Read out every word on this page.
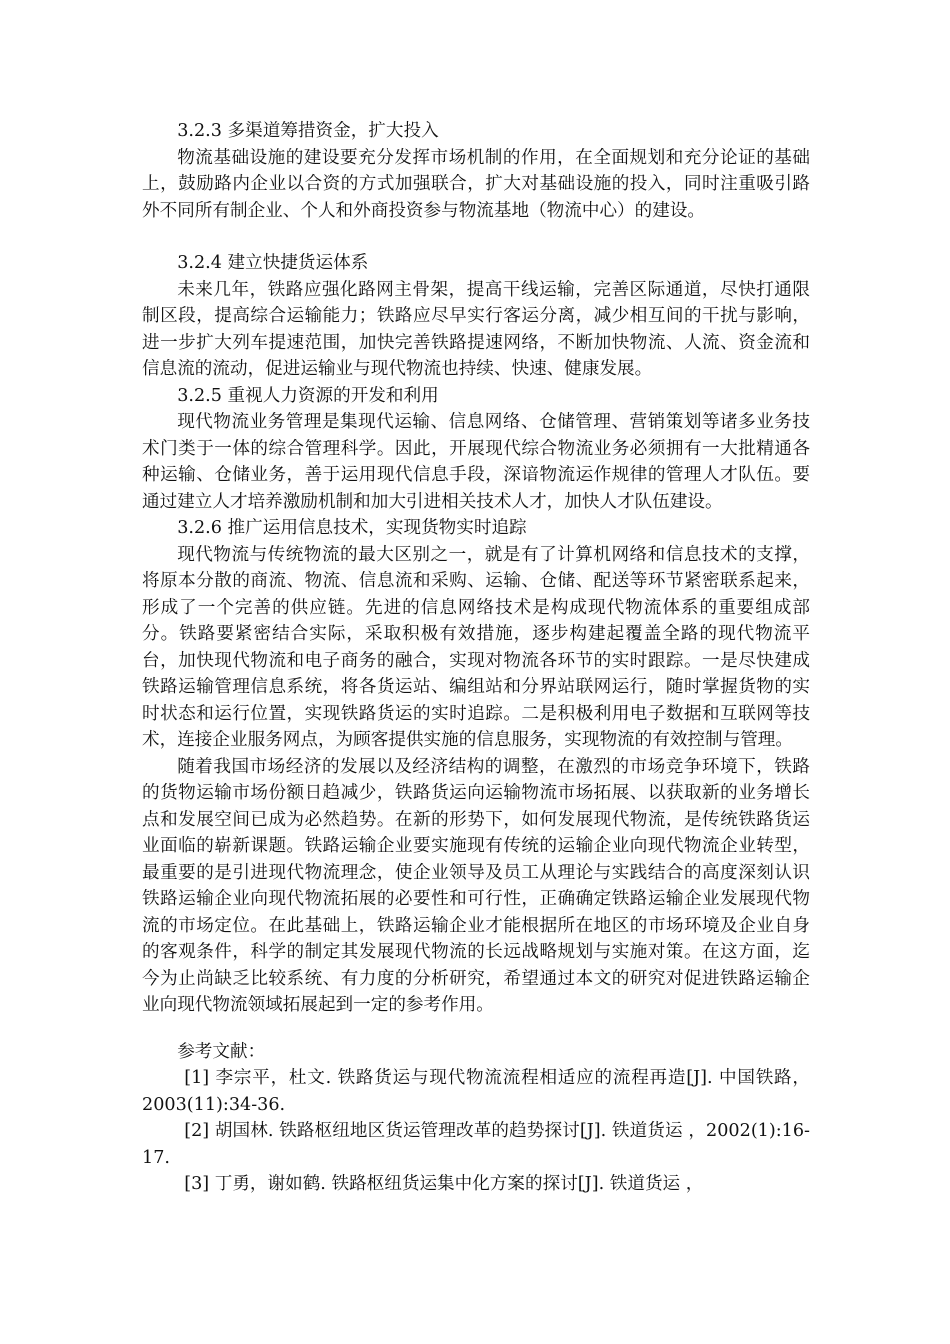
3.2.3 多渠道筹措资金，扩大投入

物流基础设施的建设要充分发挥市场机制的作用，在全面规划和充分论证的基础上，鼓励路内企业以合资的方式加强联合，扩大对基础设施的投入，同时注重吸引路外不同所有制企业、个人和外商投资参与物流基地（物流中心）的建设。

3.2.4 建立快捷货运体系

未来几年，铁路应强化路网主骨架，提高干线运输，完善区际通道，尽快打通限制区段，提高综合运输能力；铁路应尽早实行客运分离，减少相互间的干扰与影响，进一步扩大列车提速范围，加快完善铁路提速网络，不断加快物流、人流、资金流和信息流的流动，促进运输业与现代物流也持续、快速、健康发展。

3.2.5 重视人力资源的开发和利用

现代物流业务管理是集现代运输、信息网络、仓储管理、营销策划等诸多业务技术门类于一体的综合管理科学。因此，开展现代综合物流业务必须拥有一大批精通各种运输、仓储业务，善于运用现代信息手段，深谙物流运作规律的管理人才队伍。要通过建立人才培养激励机制和加大引进相关技术人才，加快人才队伍建设。

3.2.6 推广运用信息技术，实现货物实时追踪

现代物流与传统物流的最大区别之一，就是有了计算机网络和信息技术的支撑，将原本分散的商流、物流、信息流和采购、运输、仓储、配送等环节紧密联系起来，形成了一个完善的供应链。先进的信息网络技术是构成现代物流体系的重要组成部分。铁路要紧密结合实际，采取积极有效措施，逐步构建起覆盖全路的现代物流平台，加快现代物流和电子商务的融合，实现对物流各环节的实时跟踪。一是尽快建成铁路运输管理信息系统，将各货运站、编组站和分界站联网运行，随时掌握货物的实时状态和运行位置，实现铁路货运的实时追踪。二是积极利用电子数据和互联网等技术，连接企业服务网点，为顾客提供实施的信息服务，实现物流的有效控制与管理。

随着我国市场经济的发展以及经济结构的调整，在激烈的市场竞争环境下，铁路的货物运输市场份额日趋减少，铁路货运向运输物流市场拓展、以获取新的业务增长点和发展空间已成为必然趋势。在新的形势下，如何发展现代物流，是传统铁路货运业面临的崭新课题。铁路运输企业要实施现有传统的运输企业向现代物流企业转型，最重要的是引进现代物流理念，使企业领导及员工从理论与实践结合的高度深刻认识铁路运输企业向现代物流拓展的必要性和可行性，正确确定铁路运输企业发展现代物流的市场定位。在此基础上，铁路运输企业才能根据所在地区的市场环境及企业自身的客观条件，科学的制定其发展现代物流的长远战略规划与实施对策。在这方面，迄今为止尚缺乏比较系统、有力度的分析研究，希望通过本文的研究对促进铁路运输企业向现代物流领域拓展起到一定的参考作用。

参考文献：

[1] 李宗平，杜文. 铁路货运与现代物流流程相适应的流程再造[J]. 中国铁路，2003(11):34-36.

[2] 胡国林. 铁路枢纽地区货运管理改革的趋势探讨[J]. 铁道货运 ，2002(1):16-17.

[3] 丁勇，谢如鹤. 铁路枢纽货运集中化方案的探讨[J]. 铁道货运 ，
